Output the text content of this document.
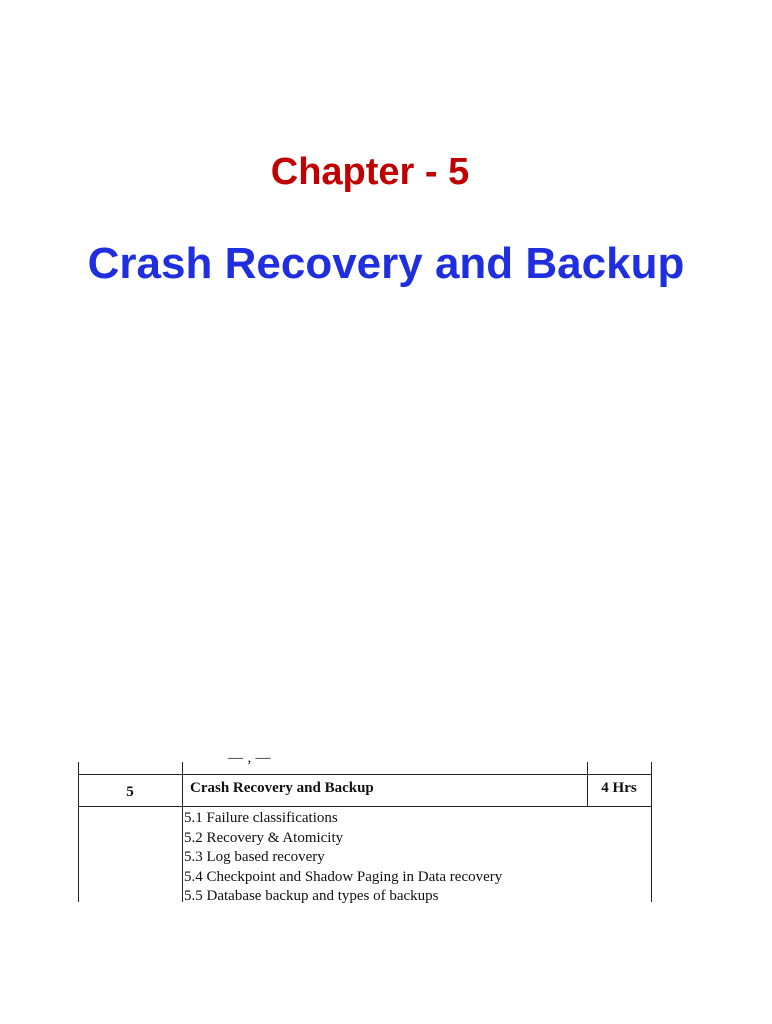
Chapter - 5
Crash Recovery and Backup
— ‚ —
5	Crash Recovery and Backup	4 Hrs
5.1 Failure classifications
5.2 Recovery & Atomicity
5.3 Log based recovery
5.4 Checkpoint and Shadow Paging in Data recovery
5.5 Database backup and types of backups
